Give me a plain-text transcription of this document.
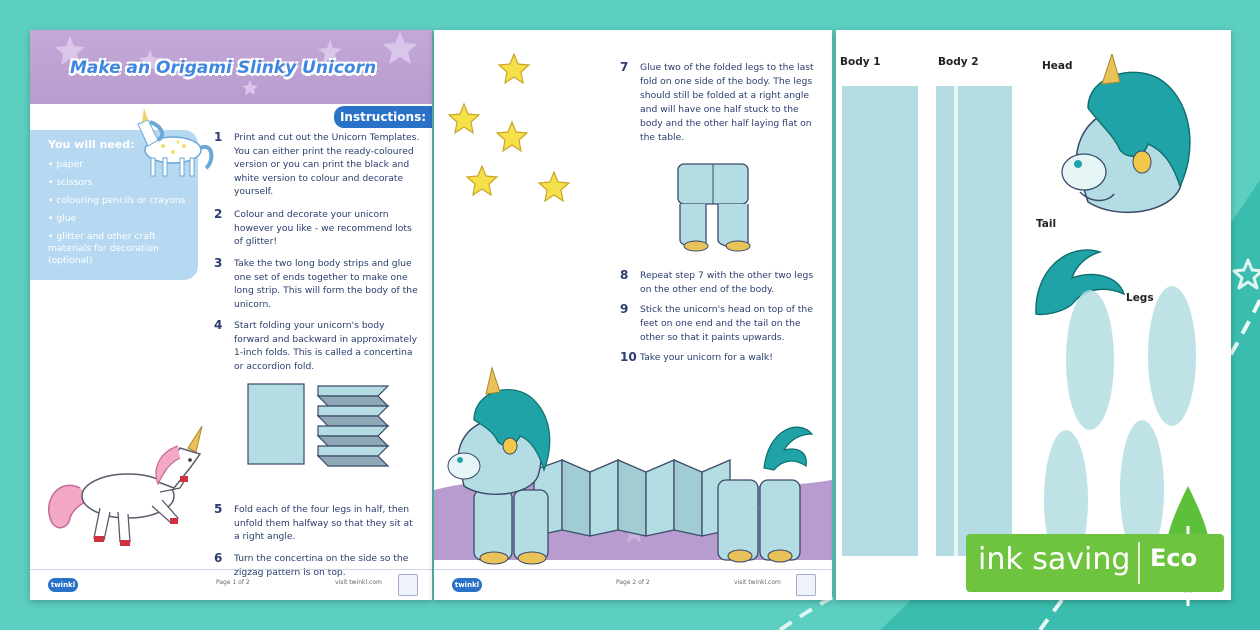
Make an Origami Slinky Unicorn
Instructions:
You will need:
• paper
• scissors
• colouring pencils or crayons
• glue
• glitter and other craft materials for decoration (optional)
1 Print and cut out the Unicorn Templates. You can either print the ready-coloured version or you can print the black and white version to colour and decorate yourself.
2 Colour and decorate your unicorn however you like - we recommend lots of glitter!
3 Take the two long body strips and glue one set of ends together to make one long strip. This will form the body of the unicorn.
4 Start folding your unicorn's body forward and backward in approximately 1-inch folds. This is called a concertina or accordion fold.
5 Fold each of the four legs in half, then unfold them halfway so that they sit at a right angle.
6 Turn the concertina on the side so the zigzag pattern is on top.
twinkl	Page 1 of 2	visit twinkl.com
7 Glue two of the folded legs to the last fold on one side of the body. The legs should still be folded at a right angle and will have one half stuck to the body and the other half laying flat on the table.
8 Repeat step 7 with the other two legs on the other end of the body.
9 Stick the unicorn's head on top of the feet on one end and the tail on the other so that it paints upwards.
10 Take your unicorn for a walk!
twinkl	Page 2 of 2	visit twinkl.com
Body 1	Body 2	Head
Tail
Legs
ink saving Eco
